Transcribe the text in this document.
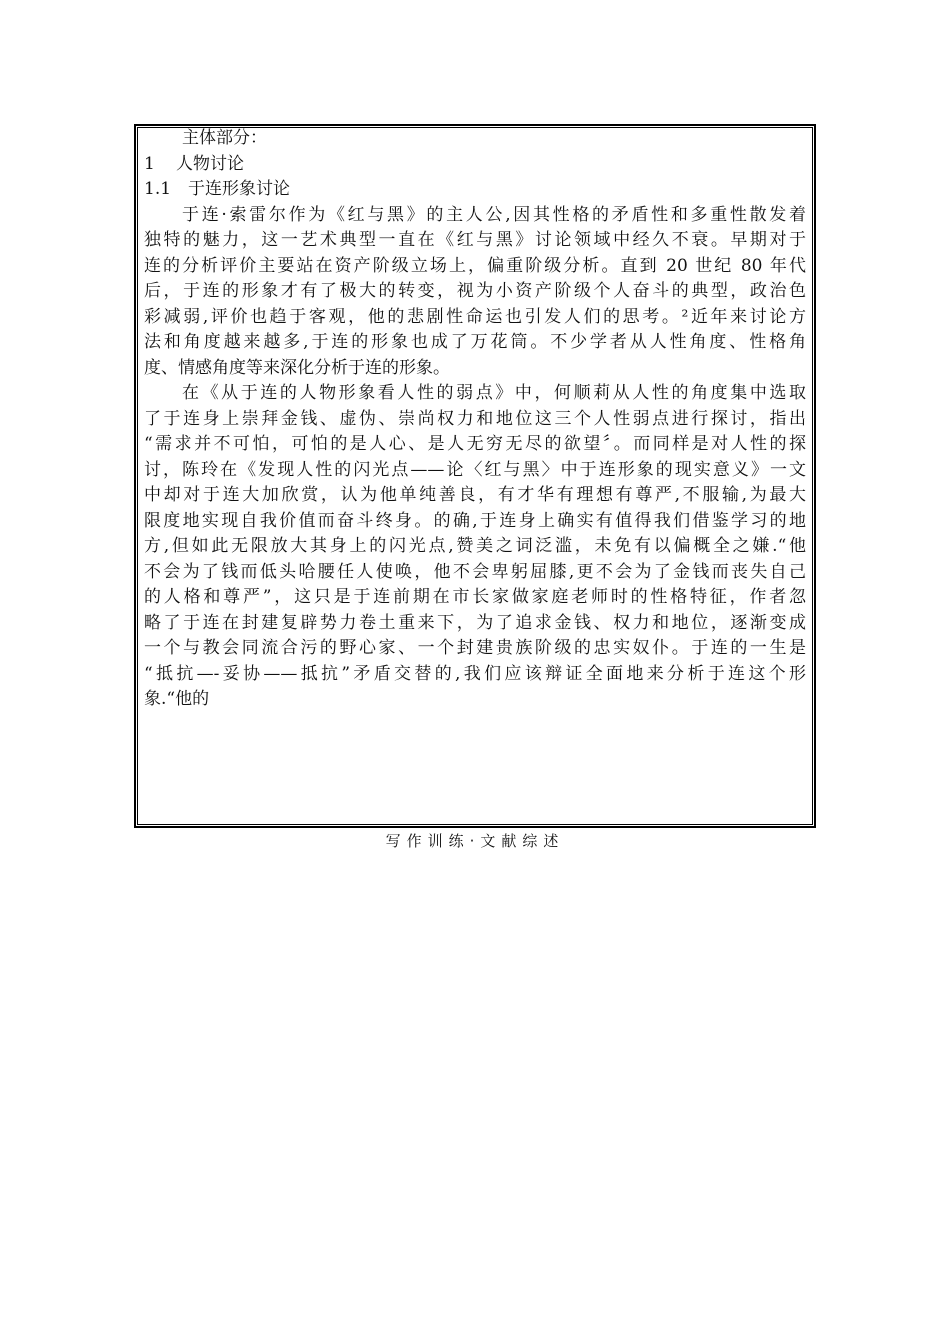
主体部分：
1 人物讨论
1.1 于连形象讨论
于连·索雷尔作为《红与黑》的主人公,因其性格的矛盾性和多重性散发着
独特的魅力，这一艺术典型一直在《红与黑》讨论领域中经久不衰。早期对于
连的分析评价主要站在资产阶级立场上，偏重阶级分析。直到 20 世纪 80 年代
后，于连的形象才有了极大的转变，视为小资产阶级个人奋斗的典型，政治色
彩减弱,评价也趋于客观，他的悲剧性命运也引发人们的思考。²近年来讨论方
法和角度越来越多,于连的形象也成了万花筒。不少学者从人性角度、性格角
度、情感角度等来深化分析于连的形象。
在《从于连的人物形象看人性的弱点》中，何顺莉从人性的角度集中选取
了于连身上崇拜金钱、虚伪、崇尚权力和地位这三个人性弱点进行探讨，指出
“需求并不可怕，可怕的是人心、是人无穷无尽的欲望〞。而同样是对人性的探
讨，陈玲在《发现人性的闪光点——论〈红与黑〉中于连形象的现实意义》一文
中却对于连大加欣赏，认为他单纯善良，有才华有理想有尊严,不服输,为最大
限度地实现自我价值而奋斗终身。的确,于连身上确实有值得我们借鉴学习的地
方,但如此无限放大其身上的闪光点,赞美之词泛滥，未免有以偏概全之嫌.“他
不会为了钱而低头哈腰任人使唤，他不会卑躬屈膝,更不会为了金钱而丧失自己
的人格和尊严”，这只是于连前期在市长家做家庭老师时的性格特征，作者忽
略了于连在封建复辟势力卷土重来下，为了追求金钱、权力和地位，逐渐变成
一个与教会同流合污的野心家、一个封建贵族阶级的忠实奴仆。于连的一生是
“抵抗—-妥协——抵抗”矛盾交替的,我们应该辩证全面地来分析于连这个形
象.“他的
写作训练·文献综述
